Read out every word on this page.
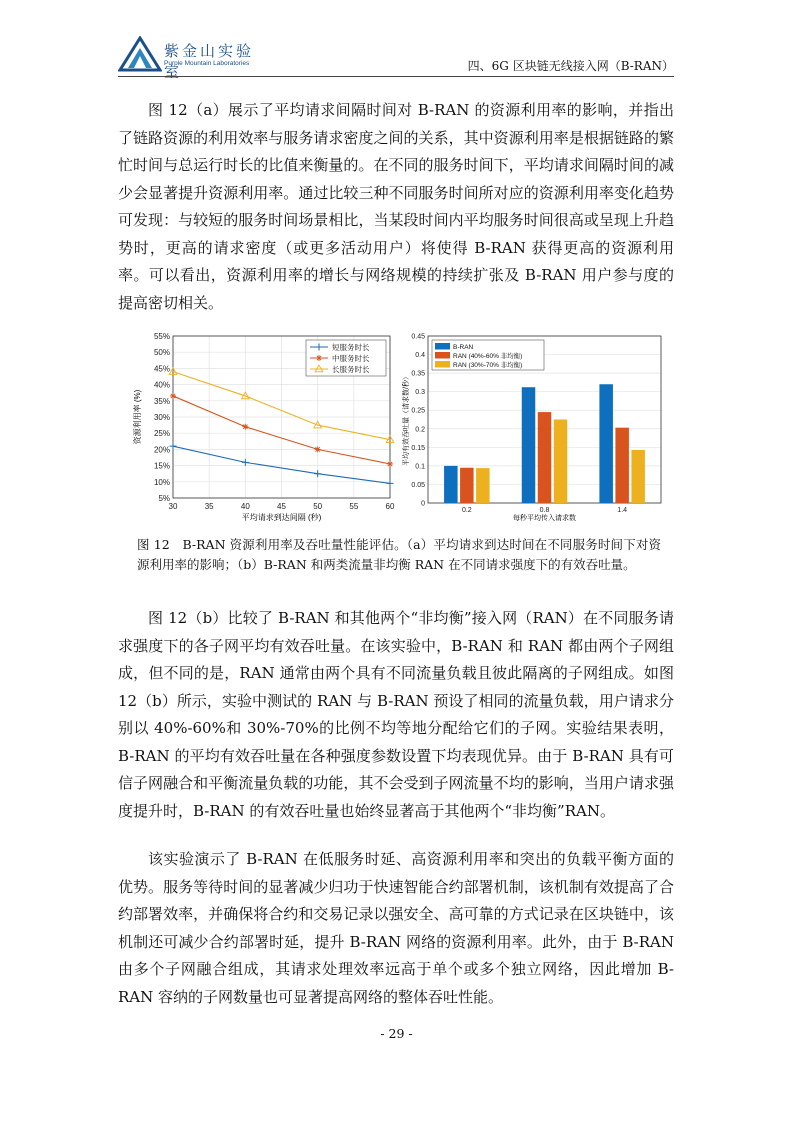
紫金山实验室
Purple Mountain Laboratories	四、6G 区块链无线接入网（B-RAN）

图 12（a）展示了平均请求间隔时间对 B-RAN 的资源利用率的影响，并指出了链路资源的利用效率与服务请求密度之间的关系，其中资源利用率是根据链路的繁忙时间与总运行时长的比值来衡量的。在不同的服务时间下，平均请求间隔时间的减少会显著提升资源利用率。通过比较三种不同服务时间所对应的资源利用率变化趋势可发现：与较短的服务时间场景相比，当某段时间内平均服务时间很高或呈现上升趋势时，更高的请求密度（或更多活动用户）将使得 B-RAN 获得更高的资源利用率。可以看出，资源利用率的增长与网络规模的持续扩张及 B-RAN 用户参与度的提高密切相关。

30	35	40	45	50	55	60
5%
10%
15%
20%
25%
30%
35%
40%
45%
50%
55%
短服务时长
中服务时长
长服务时长
平均请求到达间隔 (秒)
资源利用率 (%)
0
0.05
0.1
0.15
0.2
0.25
0.3
0.35
0.4
0.45
0.2	0.8	1.4
B-RAN
RAN (40%-60% 非均衡)
RAN (30%-70% 非均衡)
每秒平均传入请求数
平均有效吞吐量（请求数/秒）
图 12　B-RAN 资源利用率及吞吐量性能评估。（a）平均请求到达时间在不同服务时间下对资源利用率的影响；（b）B-RAN 和两类流量非均衡 RAN 在不同请求强度下的有效吞吐量。

图 12（b）比较了 B-RAN 和其他两个“非均衡”接入网（RAN）在不同服务请求强度下的各子网平均有效吞吐量。在该实验中，B-RAN 和 RAN 都由两个子网组成，但不同的是，RAN 通常由两个具有不同流量负载且彼此隔离的子网组成。如图 12（b）所示，实验中测试的 RAN 与 B-RAN 预设了相同的流量负载，用户请求分别以 40%-60%和 30%-70%的比例不均等地分配给它们的子网。实验结果表明，B-RAN 的平均有效吞吐量在各种强度参数设置下均表现优异。由于 B-RAN 具有可信子网融合和平衡流量负载的功能，其不会受到子网流量不均的影响，当用户请求强度提升时，B-RAN 的有效吞吐量也始终显著高于其他两个“非均衡”RAN。

该实验演示了 B-RAN 在低服务时延、高资源利用率和突出的负载平衡方面的优势。服务等待时间的显著减少归功于快速智能合约部署机制，该机制有效提高了合约部署效率，并确保将合约和交易记录以强安全、高可靠的方式记录在区块链中，该机制还可减少合约部署时延，提升 B-RAN 网络的资源利用率。此外，由于 B-RAN 由多个子网融合组成，其请求处理效率远高于单个或多个独立网络，因此增加 B-RAN 容纳的子网数量也可显著提高网络的整体吞吐性能。

- 29 -
